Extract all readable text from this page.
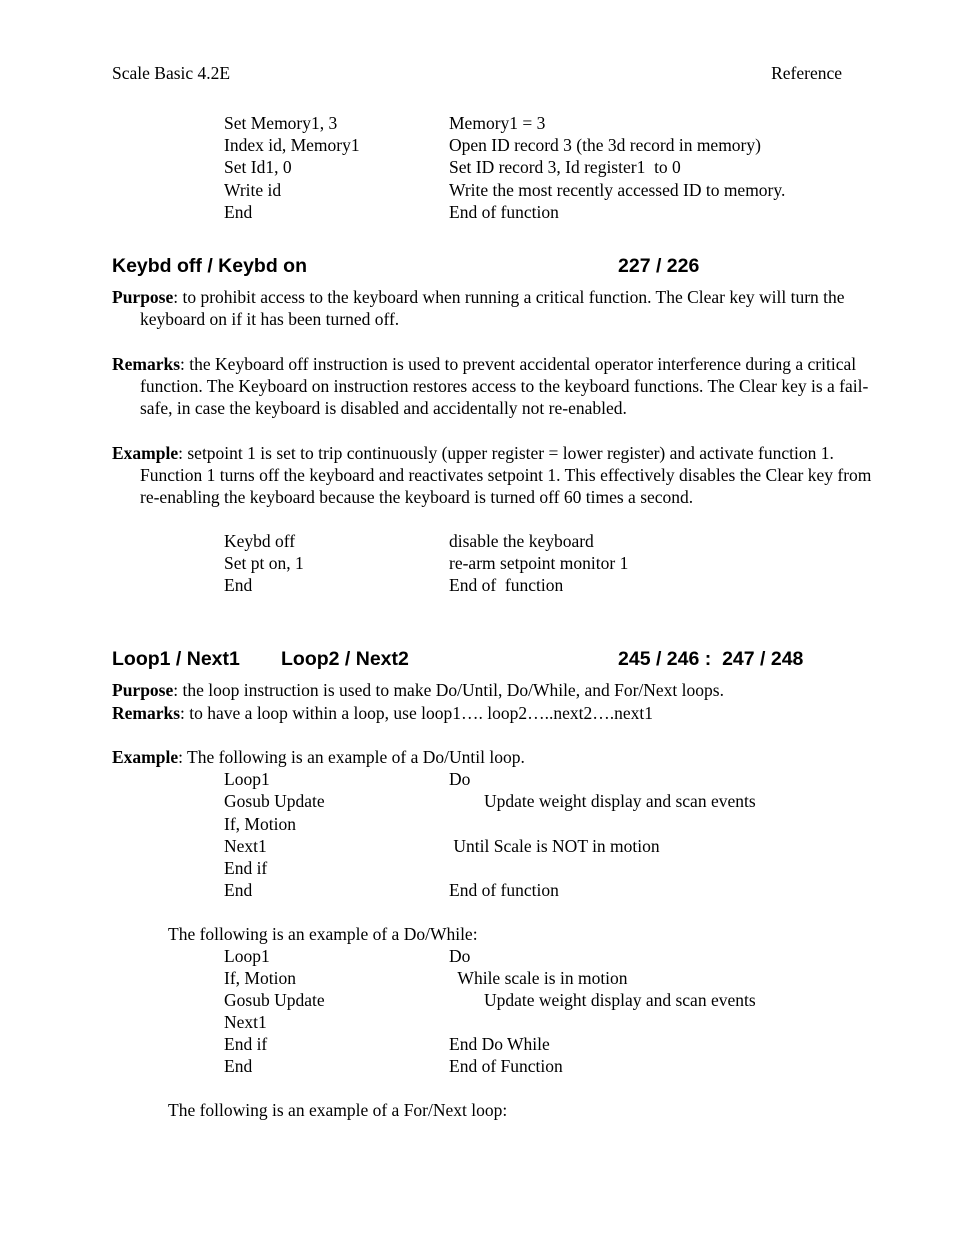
Scale Basic 4.2E	Reference
Set Memory1, 3	Memory1 = 3
Index id, Memory1	Open ID record 3 (the 3d record in memory)
Set Id1, 0	Set ID record 3, Id register1  to 0
Write id	Write the most recently accessed ID to memory.
End	End of function
Keybd off / Keybd on	227 / 226
Purpose: to prohibit access to the keyboard when running a critical function. The Clear key will turn the keyboard on if it has been turned off.
Remarks: the Keyboard off instruction is used to prevent accidental operator interference during a critical function. The Keyboard on instruction restores access to the keyboard functions. The Clear key is a fail-safe, in case the keyboard is disabled and accidentally not re-enabled.
Example: setpoint 1 is set to trip continuously (upper register = lower register) and activate function 1. Function 1 turns off the keyboard and reactivates setpoint 1. This effectively disables the Clear key from re-enabling the keyboard because the keyboard is turned off 60 times a second.
Keybd off	disable the keyboard
Set pt on, 1	re-arm setpoint monitor 1
End	End of  function
Loop1 / Next1 Loop2 / Next2	245 / 246 :  247 / 248
Purpose: the loop instruction is used to make Do/Until, Do/While, and For/Next loops.
Remarks: to have a loop within a loop, use loop1…. loop2…..next2….next1
Example: The following is an example of a Do/Until loop.
Loop1	Do
Gosub Update	Update weight display and scan events
If, Motion
Next1	Until Scale is NOT in motion
End if
End	End of function
The following is an example of a Do/While:
Loop1	Do
If, Motion	While scale is in motion
Gosub Update	Update weight display and scan events
Next1
End if	End Do While
End	End of Function
The following is an example of a For/Next loop:
